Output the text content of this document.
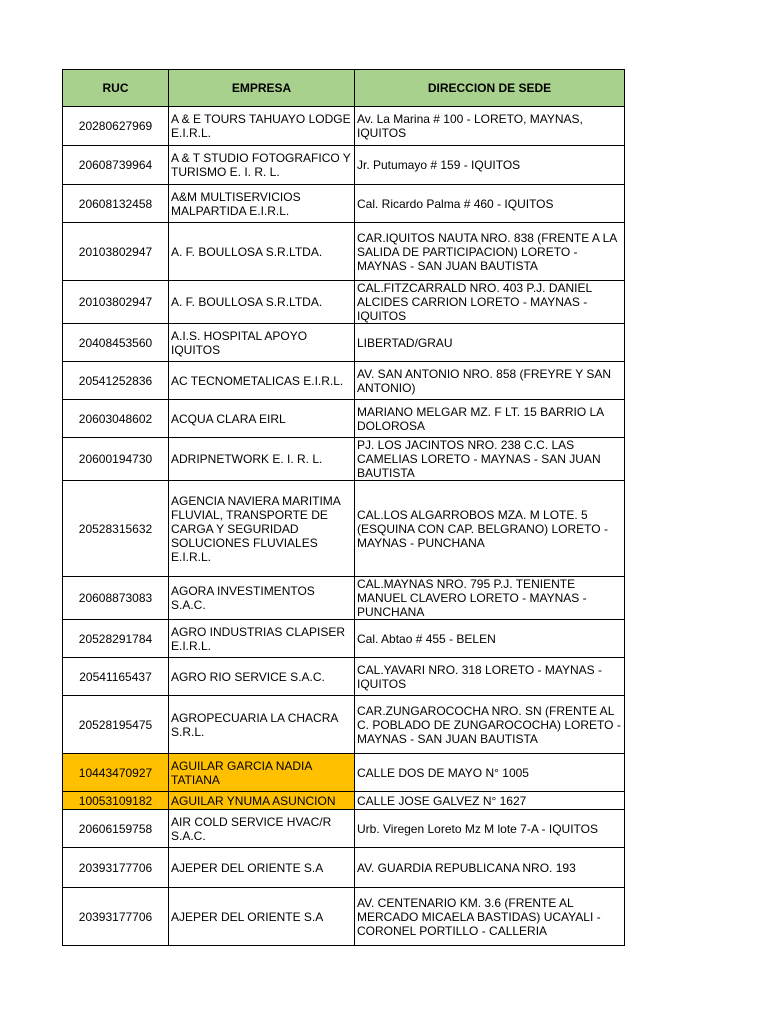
RUC	EMPRESA	DIRECCION DE SEDE
20280627969	A & E TOURS TAHUAYO LODGE E.I.R.L.	Av. La Marina # 100 - LORETO, MAYNAS, IQUITOS
20608739964	A & T STUDIO FOTOGRAFICO Y TURISMO E. I. R. L.	Jr. Putumayo # 159 - IQUITOS
20608132458	A&M MULTISERVICIOS MALPARTIDA E.I.R.L.	Cal. Ricardo Palma # 460 - IQUITOS
20103802947	A. F. BOULLOSA S.R.LTDA.	CAR.IQUITOS NAUTA NRO. 838 (FRENTE A LA SALIDA DE PARTICIPACION) LORETO - MAYNAS - SAN JUAN BAUTISTA
20103802947	A. F. BOULLOSA S.R.LTDA.	CAL.FITZCARRALD NRO. 403 P.J. DANIEL ALCIDES CARRION LORETO - MAYNAS - IQUITOS
20408453560	A.I.S. HOSPITAL APOYO IQUITOS	LIBERTAD/GRAU
20541252836	AC TECNOMETALICAS E.I.R.L.	AV. SAN ANTONIO NRO. 858 (FREYRE Y SAN ANTONIO)
20603048602	ACQUA CLARA EIRL	MARIANO MELGAR MZ. F LT. 15 BARRIO LA DOLOROSA
20600194730	ADRIPNETWORK E. I. R. L.	PJ. LOS JACINTOS NRO. 238 C.C. LAS CAMELIAS LORETO - MAYNAS - SAN JUAN BAUTISTA
20528315632	AGENCIA NAVIERA MARITIMA FLUVIAL, TRANSPORTE DE CARGA Y SEGURIDAD SOLUCIONES FLUVIALES E.I.R.L.	CAL.LOS ALGARROBOS MZA. M LOTE. 5 (ESQUINA CON CAP. BELGRANO) LORETO - MAYNAS - PUNCHANA
20608873083	AGORA INVESTIMENTOS S.A.C.	CAL.MAYNAS NRO. 795 P.J. TENIENTE MANUEL CLAVERO LORETO - MAYNAS - PUNCHANA
20528291784	AGRO INDUSTRIAS CLAPISER E.I.R.L.	Cal. Abtao # 455 - BELEN
20541165437	AGRO RIO SERVICE S.A.C.	CAL.YAVARI NRO. 318 LORETO - MAYNAS - IQUITOS
20528195475	AGROPECUARIA LA CHACRA S.R.L.	CAR.ZUNGAROCOCHA NRO. SN (FRENTE AL C. POBLADO DE ZUNGAROCOCHA) LORETO - MAYNAS - SAN JUAN BAUTISTA
10443470927	AGUILAR GARCIA NADIA TATIANA	CALLE DOS DE MAYO N° 1005
10053109182	AGUILAR YNUMA ASUNCION	CALLE JOSE GALVEZ N° 1627
20606159758	AIR COLD SERVICE HVAC/R S.A.C.	Urb. Viregen Loreto Mz M lote 7-A - IQUITOS
20393177706	AJEPER DEL ORIENTE S.A	AV. GUARDIA REPUBLICANA NRO. 193
20393177706	AJEPER DEL ORIENTE S.A	AV. CENTENARIO KM. 3.6 (FRENTE AL MERCADO MICAELA BASTIDAS) UCAYALI - CORONEL PORTILLO - CALLERIA
